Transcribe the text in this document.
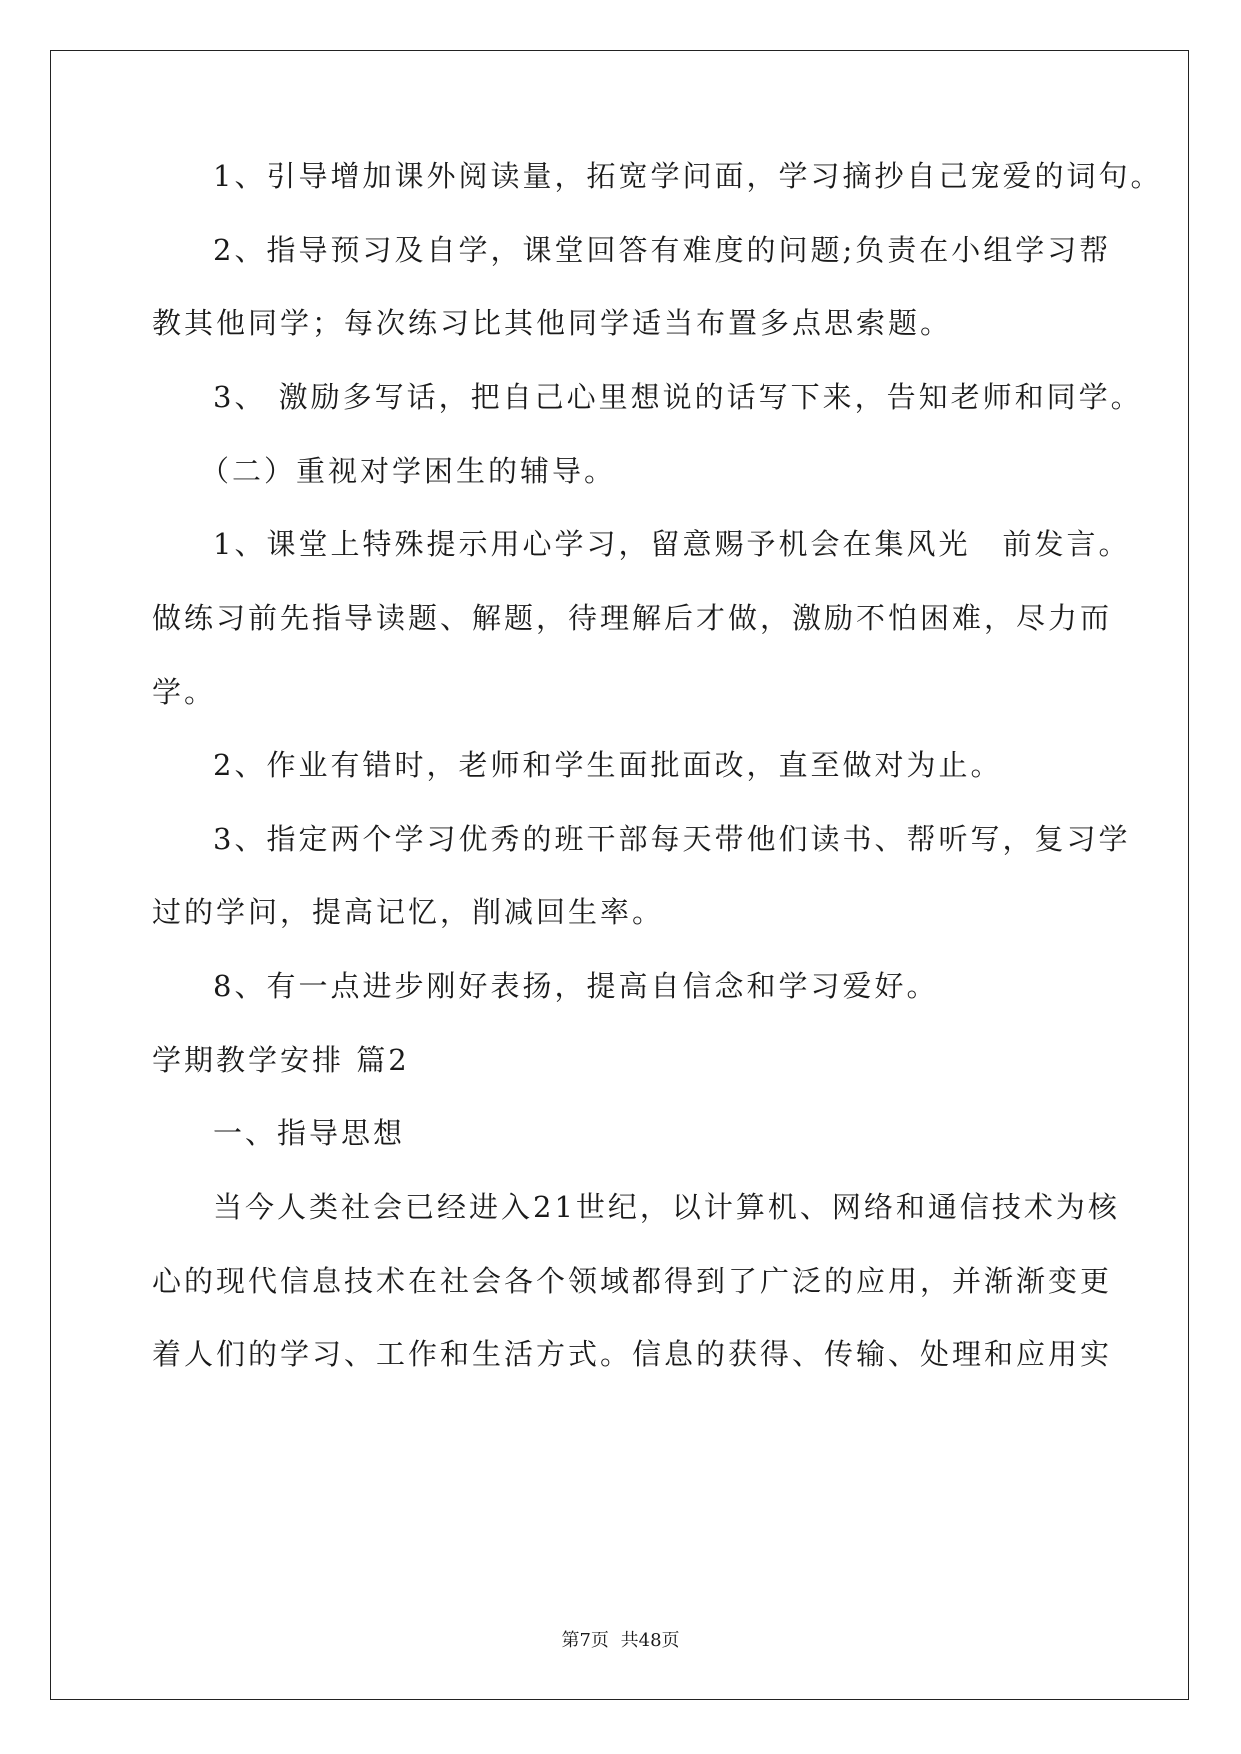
1、引导增加课外阅读量，拓宽学问面，学习摘抄自己宠爱的词句。
2、指导预习及自学，课堂回答有难度的问题;负责在小组学习帮
教其他同学；每次练习比其他同学适当布置多点思索题。
3、 激励多写话，把自己心里想说的话写下来，告知老师和同学。
（二）重视对学困生的辅导。
1、课堂上特殊提示用心学习，留意赐予机会在集风光　前发言。
做练习前先指导读题、解题，待理解后才做，激励不怕困难，尽力而
学。
2、作业有错时，老师和学生面批面改，直至做对为止。
3、指定两个学习优秀的班干部每天带他们读书、帮听写，复习学
过的学问，提高记忆，削减回生率。
8、有一点进步刚好表扬，提高自信念和学习爱好。
学期教学安排 篇2
一、指导思想
当今人类社会已经进入21世纪，以计算机、网络和通信技术为核
心的现代信息技术在社会各个领域都得到了广泛的应用，并渐渐变更
着人们的学习、工作和生活方式。信息的获得、传输、处理和应用实
第7页 共48页
